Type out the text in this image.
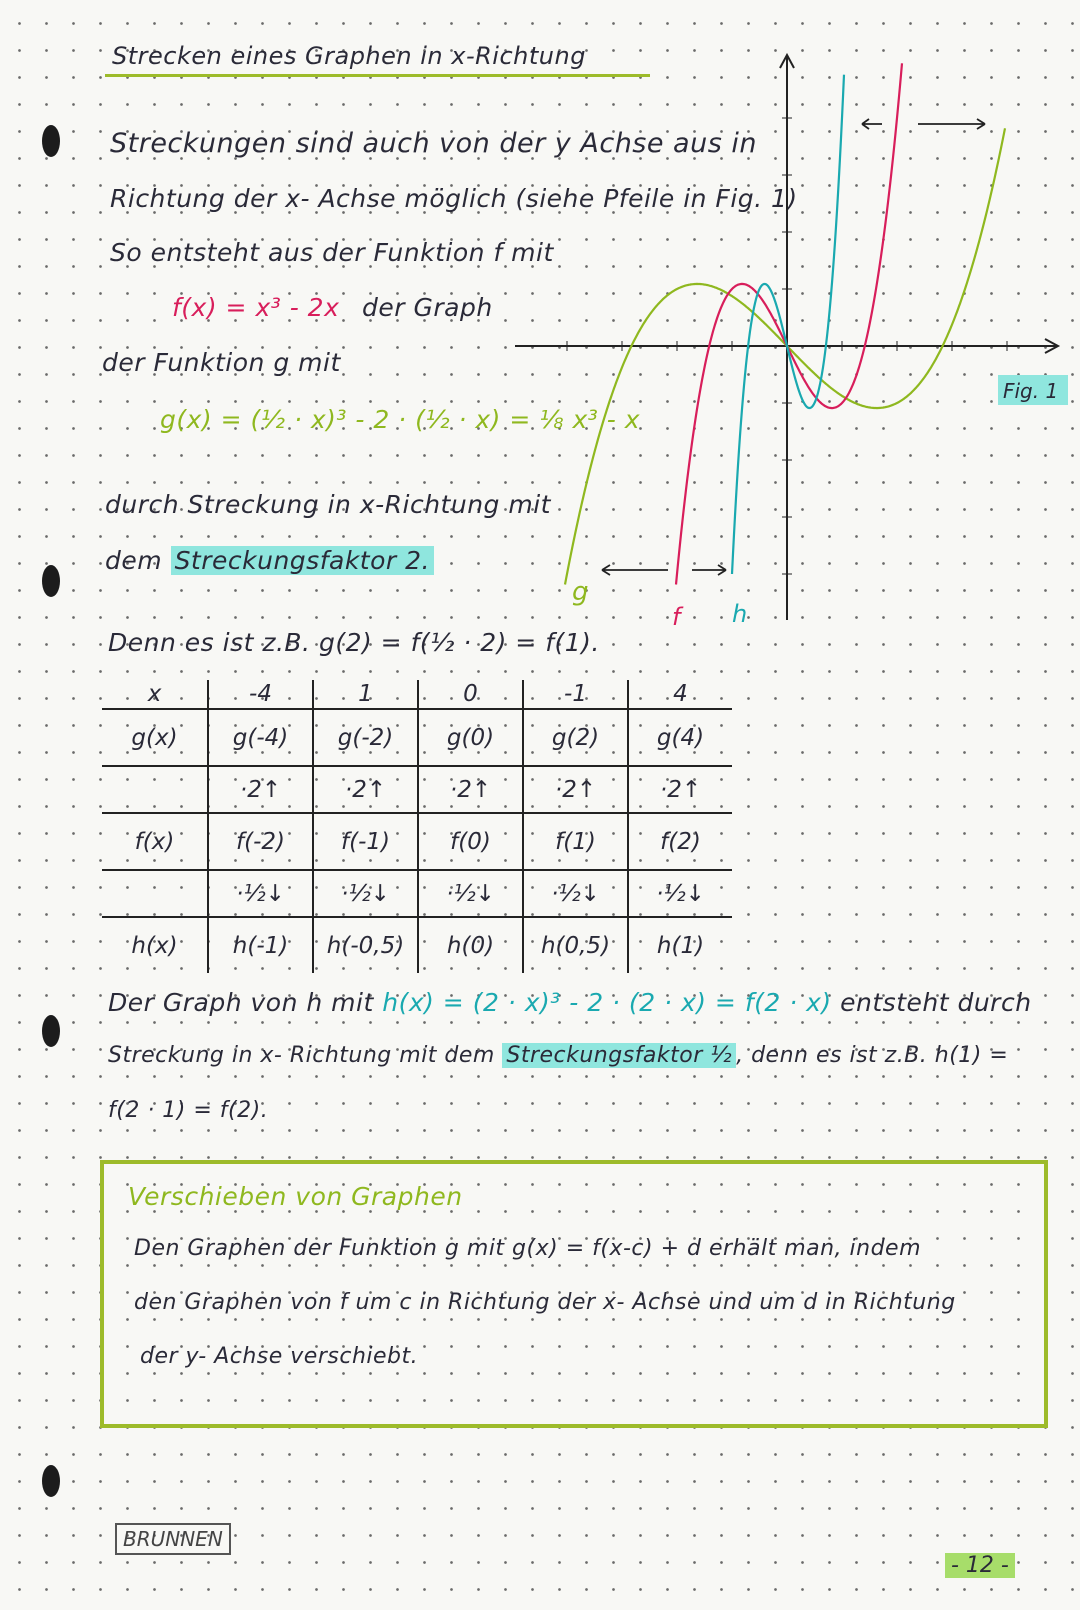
Strecken eines Graphen in x-Richtung
Streckungen sind auch von der y Achse aus in
Richtung der x- Achse möglich (siehe Pfeile in Fig. 1)
So entsteht aus der Funktion f mit
f(x) = x³ - 2x der Graph
der Funktion g mit
g(x) = (½ · x)³ - 2 · (½ · x) = ⅛ x³ - x
durch Streckung in x-Richtung mit
dem Streckungsfaktor 2.
Denn es ist z.B. g(2) = f(½ · 2) = f(1).
x	-4	1	0	-1	4
g(x)	g(-4)	g(-2)	g(0)	g(2)	g(4)
	·2↑	·2↑	·2↑	·2↑	·2↑
f(x)	f(-2)	f(-1)	f(0)	f(1)	f(2)
	·½↓	·½↓	·½↓	·½↓	·½↓
h(x)	h(-1)	h(-0,5)	h(0)	h(0,5)	h(1)
Der Graph von h mit h(x) = (2 · x)³ - 2 · (2 · x) = f(2 · x) entsteht durch
Streckung in x- Richtung mit dem Streckungsfaktor ½ , denn es ist z.B. h(1) =
f(2 · 1) = f(2).
Verschieben von Graphen
Den Graphen der Funktion g mit g(x) = f(x-c) + d erhält man, indem
den Graphen von f um c in Richtung der x- Achse und um d in Richtung
der y- Achse verschiebt.
g
f h
Fig. 1
BRUNNEN
- 12 -
